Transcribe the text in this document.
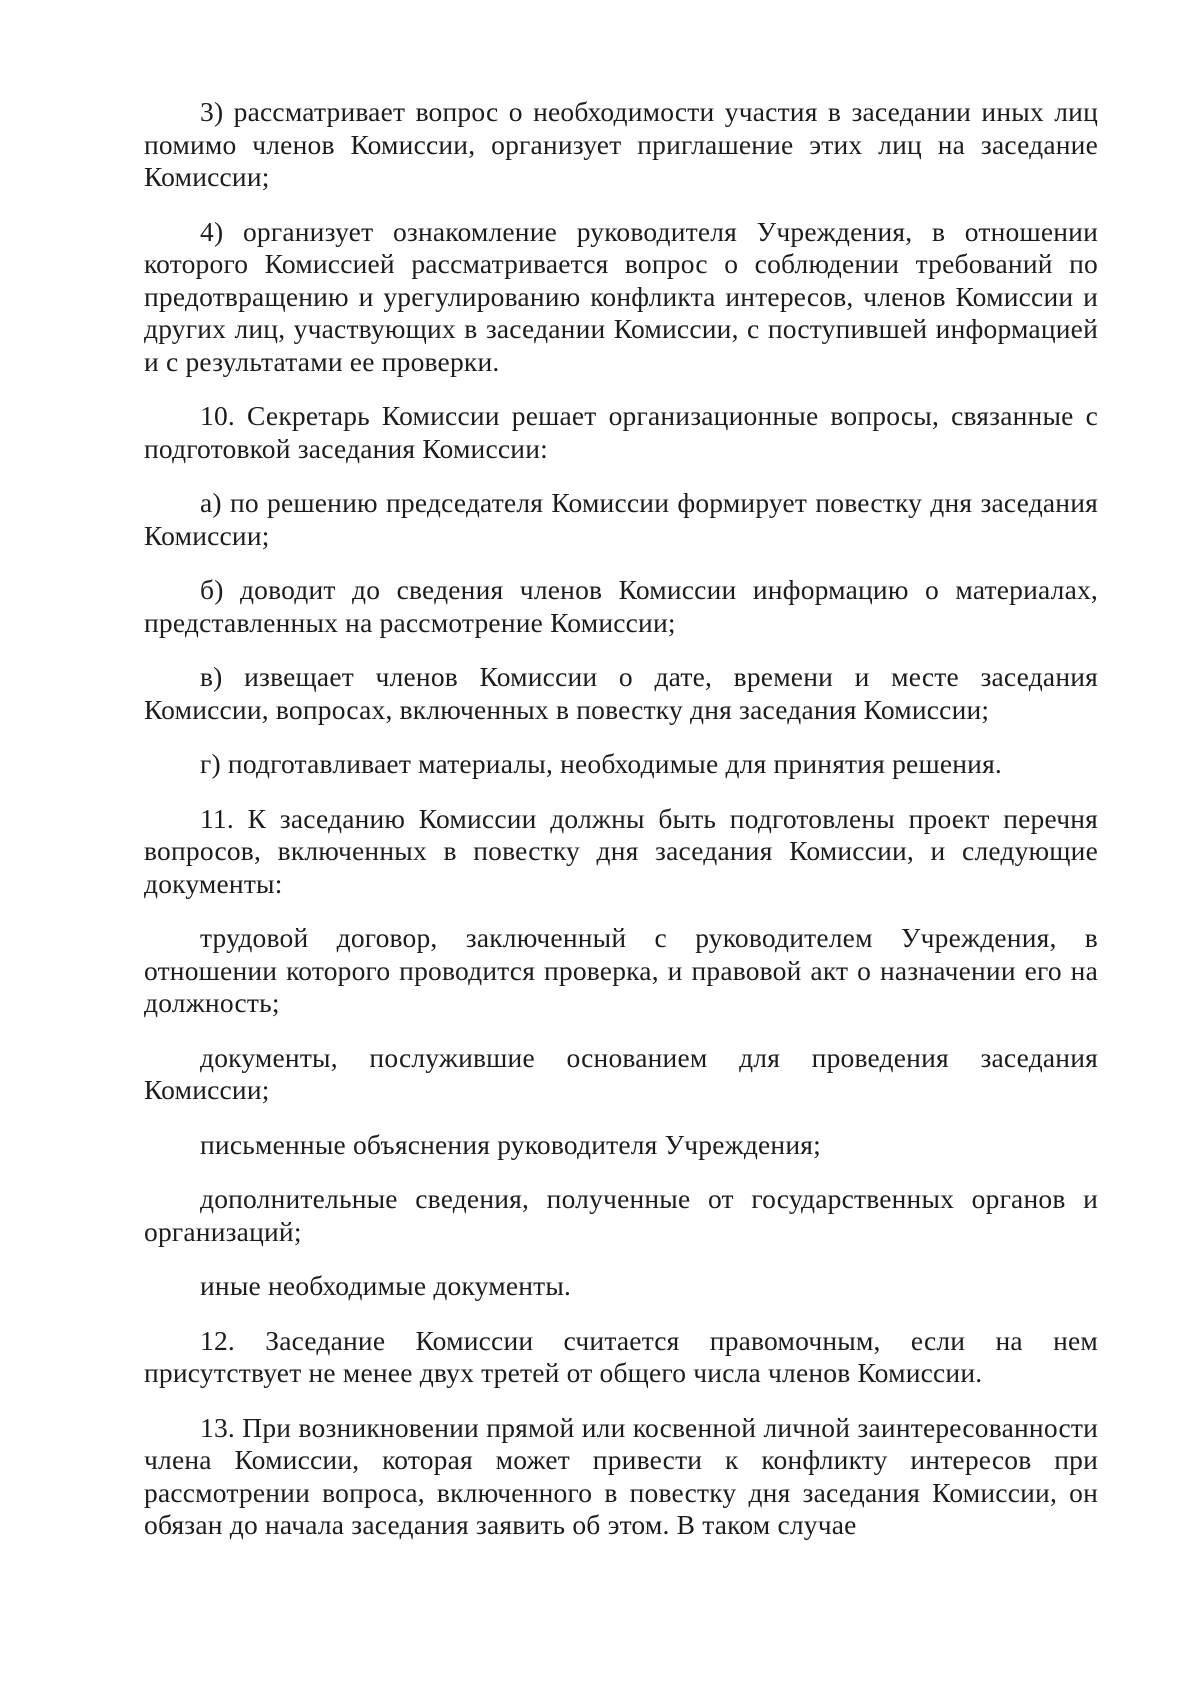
3) рассматривает вопрос о необходимости участия в заседании иных лиц помимо членов Комиссии, организует приглашение этих лиц на заседание Комиссии;

4) организует ознакомление руководителя Учреждения, в отношении которого Комиссией рассматривается вопрос о соблюдении требований по предотвращению и урегулированию конфликта интересов, членов Комиссии и других лиц, участвующих в заседании Комиссии, с поступившей информацией и с результатами ее проверки.

10. Секретарь Комиссии решает организационные вопросы, связанные с подготовкой заседания Комиссии:

а) по решению председателя Комиссии формирует повестку дня заседания Комиссии;

б) доводит до сведения членов Комиссии информацию о материалах, представленных на рассмотрение Комиссии;

в) извещает членов Комиссии о дате, времени и месте заседания Комиссии, вопросах, включенных в повестку дня заседания Комиссии;

г) подготавливает материалы, необходимые для принятия решения.

11. К заседанию Комиссии должны быть подготовлены проект перечня вопросов, включенных в повестку дня заседания Комиссии, и следующие документы:

трудовой договор, заключенный с руководителем Учреждения, в отношении которого проводится проверка, и правовой акт о назначении его на должность;

документы, послужившие основанием для проведения заседания Комиссии;

письменные объяснения руководителя Учреждения;

дополнительные сведения, полученные от государственных органов и организаций;

иные необходимые документы.

12. Заседание Комиссии считается правомочным, если на нем присутствует не менее двух третей от общего числа членов Комиссии.

13. При возникновении прямой или косвенной личной заинтересованности члена Комиссии, которая может привести к конфликту интересов при рассмотрении вопроса, включенного в повестку дня заседания Комиссии, он обязан до начала заседания заявить об этом. В таком случае
